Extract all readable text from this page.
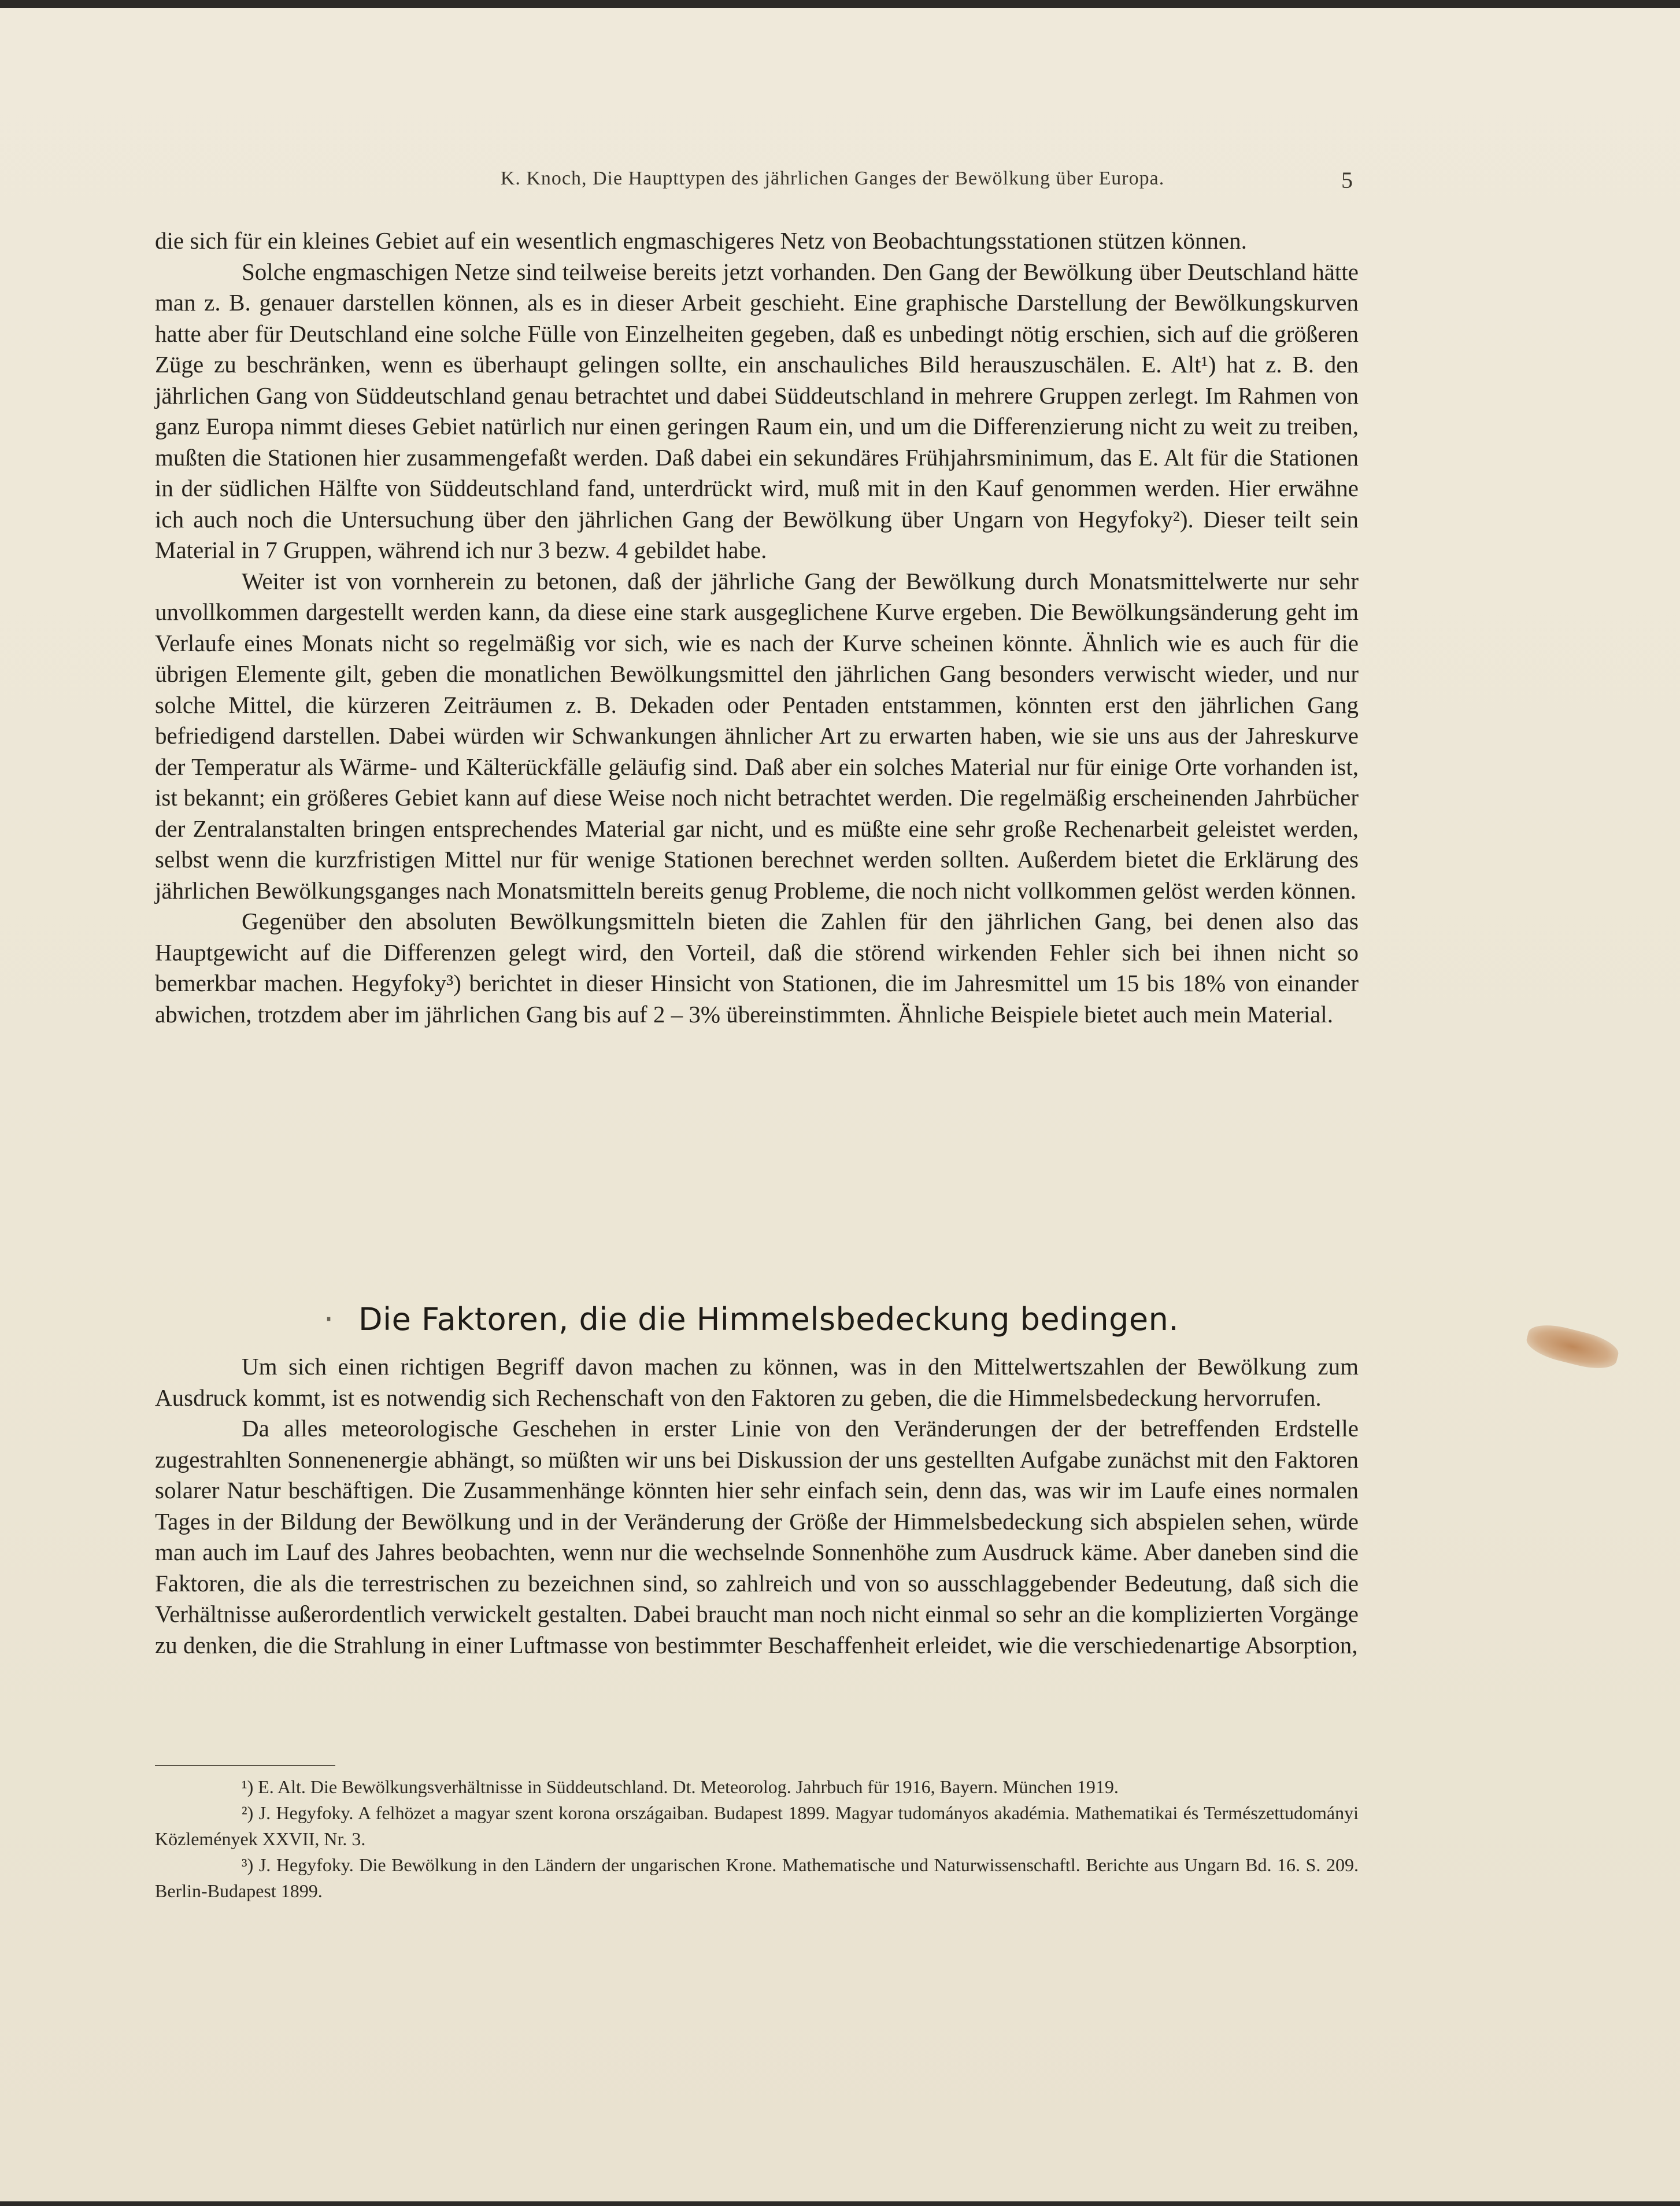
K. Knoch, Die Haupttypen des jährlichen Ganges der Bewölkung über Europa.	5

die sich für ein kleines Gebiet auf ein wesentlich engmaschigeres Netz von Beobachtungsstationen stützen können.

Solche engmaschigen Netze sind teilweise bereits jetzt vorhanden. Den Gang der Bewölkung über Deutschland hätte man z. B. genauer darstellen können, als es in dieser Arbeit geschieht. Eine graphische Darstellung der Bewölkungskurven hatte aber für Deutschland eine solche Fülle von Einzelheiten gegeben, daß es unbedingt nötig erschien, sich auf die größeren Züge zu beschränken, wenn es überhaupt gelingen sollte, ein anschauliches Bild herauszuschälen. E. Alt¹) hat z. B. den jährlichen Gang von Süddeutschland genau betrachtet und dabei Süddeutschland in mehrere Gruppen zerlegt. Im Rahmen von ganz Europa nimmt dieses Gebiet natürlich nur einen geringen Raum ein, und um die Differenzierung nicht zu weit zu treiben, mußten die Stationen hier zusammengefaßt werden. Daß dabei ein sekundäres Frühjahrsminimum, das E. Alt für die Stationen in der südlichen Hälfte von Süddeutschland fand, unterdrückt wird, muß mit in den Kauf genommen werden. Hier erwähne ich auch noch die Untersuchung über den jährlichen Gang der Bewölkung über Ungarn von Hegyfoky²). Dieser teilt sein Material in 7 Gruppen, während ich nur 3 bezw. 4 gebildet habe.

Weiter ist von vornherein zu betonen, daß der jährliche Gang der Bewölkung durch Monatsmittelwerte nur sehr unvollkommen dargestellt werden kann, da diese eine stark ausgeglichene Kurve ergeben. Die Bewölkungsänderung geht im Verlaufe eines Monats nicht so regelmäßig vor sich, wie es nach der Kurve scheinen könnte. Ähnlich wie es auch für die übrigen Elemente gilt, geben die monatlichen Bewölkungsmittel den jährlichen Gang besonders verwischt wieder, und nur solche Mittel, die kürzeren Zeiträumen z. B. Dekaden oder Pentaden entstammen, könnten erst den jährlichen Gang befriedigend darstellen. Dabei würden wir Schwankungen ähnlicher Art zu erwarten haben, wie sie uns aus der Jahreskurve der Temperatur als Wärme- und Kälterückfälle geläufig sind. Daß aber ein solches Material nur für einige Orte vorhanden ist, ist bekannt; ein größeres Gebiet kann auf diese Weise noch nicht betrachtet werden. Die regelmäßig erscheinenden Jahrbücher der Zentralanstalten bringen entsprechendes Material gar nicht, und es müßte eine sehr große Rechenarbeit geleistet werden, selbst wenn die kurzfristigen Mittel nur für wenige Stationen berechnet werden sollten. Außerdem bietet die Erklärung des jährlichen Bewölkungsganges nach Monatsmitteln bereits genug Probleme, die noch nicht vollkommen gelöst werden können.

Gegenüber den absoluten Bewölkungsmitteln bieten die Zahlen für den jährlichen Gang, bei denen also das Hauptgewicht auf die Differenzen gelegt wird, den Vorteil, daß die störend wirkenden Fehler sich bei ihnen nicht so bemerkbar machen. Hegyfoky³) berichtet in dieser Hinsicht von Stationen, die im Jahresmittel um 15 bis 18% von einander abwichen, trotzdem aber im jährlichen Gang bis auf 2 – 3% übereinstimmten. Ähnliche Beispiele bietet auch mein Material.

· Die Faktoren, die die Himmelsbedeckung bedingen.

Um sich einen richtigen Begriff davon machen zu können, was in den Mittelwertszahlen der Bewölkung zum Ausdruck kommt, ist es notwendig sich Rechenschaft von den Faktoren zu geben, die die Himmelsbedeckung hervorrufen.

Da alles meteorologische Geschehen in erster Linie von den Veränderungen der der betreffenden Erdstelle zugestrahlten Sonnenenergie abhängt, so müßten wir uns bei Diskussion der uns gestellten Aufgabe zunächst mit den Faktoren solarer Natur beschäftigen. Die Zusammenhänge könnten hier sehr einfach sein, denn das, was wir im Laufe eines normalen Tages in der Bildung der Bewölkung und in der Veränderung der Größe der Himmelsbedeckung sich abspielen sehen, würde man auch im Lauf des Jahres beobachten, wenn nur die wechselnde Sonnenhöhe zum Ausdruck käme. Aber daneben sind die Faktoren, die als die terrestrischen zu bezeichnen sind, so zahlreich und von so ausschlaggebender Bedeutung, daß sich die Verhältnisse außerordentlich verwickelt gestalten. Dabei braucht man noch nicht einmal so sehr an die komplizierten Vorgänge zu denken, die die Strahlung in einer Luftmasse von bestimmter Beschaffenheit erleidet, wie die verschiedenartige Absorption,

¹) E. Alt. Die Bewölkungsverhältnisse in Süddeutschland. Dt. Meteorolog. Jahrbuch für 1916, Bayern. München 1919.

²) J. Hegyfoky. A felhözet a magyar szent korona országaiban. Budapest 1899. Magyar tudományos akadémia. Mathematikai és Természettudományi Közlemények XXVII, Nr. 3.

³) J. Hegyfoky. Die Bewölkung in den Ländern der ungarischen Krone. Mathematische und Naturwissenschaftl. Berichte aus Ungarn Bd. 16. S. 209. Berlin-Budapest 1899.
